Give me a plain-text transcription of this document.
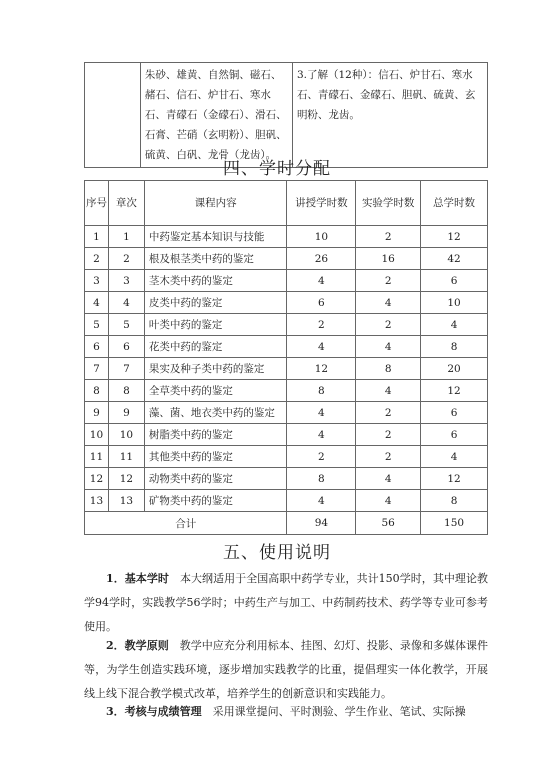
	朱砂、雄黄、自然铜、磁石、赭石、信石、炉甘石、寒水石、青礞石（金礞石）、滑石、石膏、芒硝（玄明粉）、胆矾、硫黄、白矾、龙骨（龙齿）。	3.了解（12种）：信石、炉甘石、寒水石、青礞石、金礞石、胆矾、硫黄、玄明粉、龙齿。
四、学时分配
序号	章次	课程内容	讲授学时数	实验学时数	总学时数
1	1	中药鉴定基本知识与技能	10	2	12
2	2	根及根茎类中药的鉴定	26	16	42
3	3	茎木类中药的鉴定	4	2	6
4	4	皮类中药的鉴定	6	4	10
5	5	叶类中药的鉴定	2	2	4
6	6	花类中药的鉴定	4	4	8
7	7	果实及种子类中药的鉴定	12	8	20
8	8	全草类中药的鉴定	8	4	12
9	9	藻、菌、地衣类中药的鉴定	4	2	6
10	10	树脂类中药的鉴定	4	2	6
11	11	其他类中药的鉴定	2	2	4
12	12	动物类中药的鉴定	8	4	12
13	13	矿物类中药的鉴定	4	4	8
合计			94	56	150
五、使用说明

1．基本学时　本大纲适用于全国高职中药学专业，共计150学时，其中理论教学94学时，实践教学56学时；中药生产与加工、中药制药技术、药学等专业可参考使用。

2．教学原则　教学中应充分利用标本、挂图、幻灯、投影、录像和多媒体课件等，为学生创造实践环境，逐步增加实践教学的比重，提倡理实一体化教学，开展线上线下混合教学模式改革，培养学生的创新意识和实践能力。

3．考核与成绩管理　采用课堂提问、平时测验、学生作业、笔试、实际操
